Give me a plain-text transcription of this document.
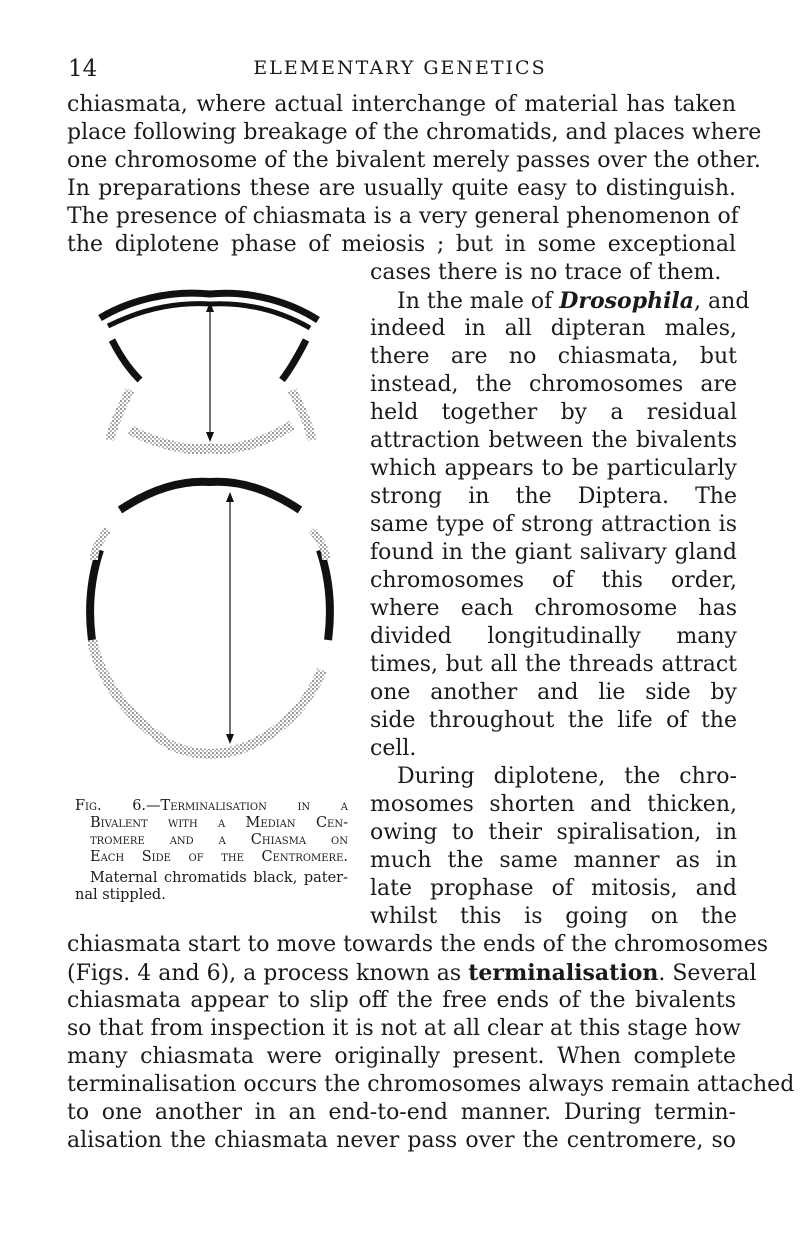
14	ELEMENTARY GENETICS
chiasmata, where actual interchange of material has taken
place following breakage of the chromatids, and places where
one chromosome of the bivalent merely passes over the other.
In preparations these are usually quite easy to distinguish.
The presence of chiasmata is a very general phenomenon of
the diplotene phase of meiosis ; but in some exceptional
cases there is no trace of them.
In the male of Drosophila, and
indeed in all dipteran males,
there are no chiasmata, but
instead, the chromosomes are
held together by a residual
attraction between the bivalents
which appears to be particularly
strong in the Diptera. The
same type of strong attraction is
found in the giant salivary gland
chromosomes of this order,
where each chromosome has
divided longitudinally many
times, but all the threads attract
one another and lie side by
side throughout the life of the
cell.
During diplotene, the chro-
mosomes shorten and thicken,
owing to their spiralisation, in
much the same manner as in
late prophase of mitosis, and
whilst this is going on the
chiasmata start to move towards the ends of the chromosomes
(Figs. 4 and 6), a process known as terminalisation. Several
chiasmata appear to slip off the free ends of the bivalents
so that from inspection it is not at all clear at this stage how
many chiasmata were originally present. When complete
terminalisation occurs the chromosomes always remain attached
to one another in an end-to-end manner. During termin-
alisation the chiasmata never pass over the centromere, so
Fig. 6.—Terminalisation in a
Bivalent with a Median Cen-
tromere and a Chiasma on
Each Side of the Centromere.
Maternal chromatids black, pater-
nal stippled.
